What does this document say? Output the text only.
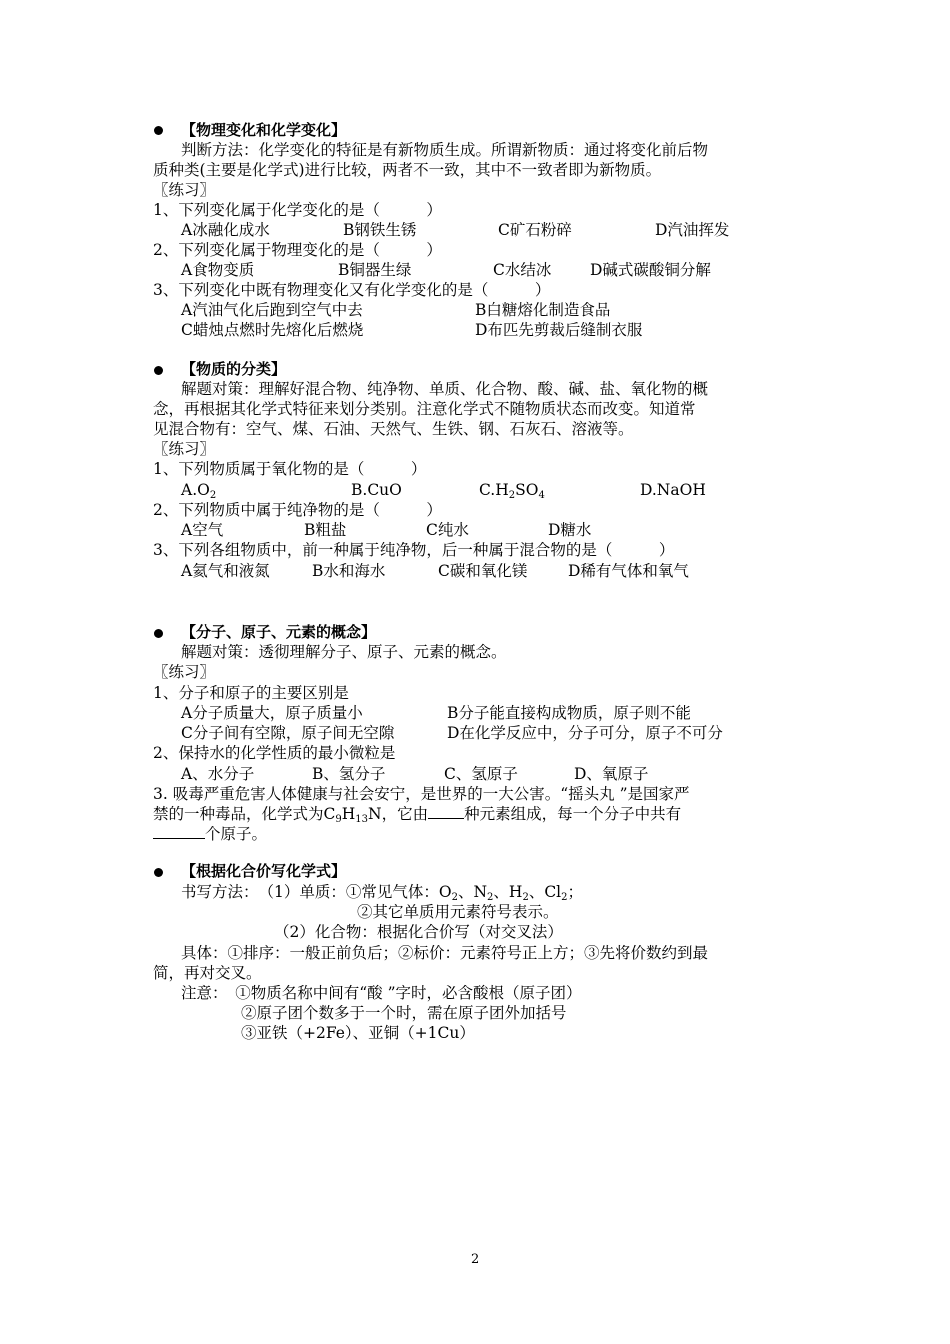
【物理变化和化学变化】
判断方法：化学变化的特征是有新物质生成。所谓新物质：通过将变化前后物
质种类(主要是化学式)进行比较，两者不一致，其中不一致者即为新物质。
〖练习〗
1、下列变化属于化学变化的是（　　　）
A冰融化成水	B钢铁生锈	C矿石粉碎	D汽油挥发
2、下列变化属于物理变化的是（　　　）
A食物变质	B铜器生绿	C水结冰 D碱式碳酸铜分解
3、下列变化中既有物理变化又有化学变化的是（　　　）
A汽油气化后跑到空气中去	B白糖熔化制造食品
C蜡烛点燃时先熔化后燃烧	D布匹先剪裁后缝制衣服
【物质的分类】
解题对策：理解好混合物、纯净物、单质、化合物、酸、碱、盐、氧化物的概
念，再根据其化学式特征来划分类别。注意化学式不随物质状态而改变。知道常
见混合物有：空气、煤、石油、天然气、生铁、钢、石灰石、溶液等。
〖练习〗
1、下列物质属于氧化物的是（　　　）
$A.O_2$	B.CuO	$C.H_2SO_4$	D.NaOH
2、下列物质中属于纯净物的是（　　　）
A空气	B粗盐	C纯水	D糖水
3、下列各组物质中，前一种属于纯净物，后一种属于混合物的是（　　　）
A氦气和液氮	B水和海水	C碳和氧化镁	D稀有气体和氧气
【分子、原子、元素的概念】
解题对策：透彻理解分子、原子、元素的概念。
〖练习〗
1、分子和原子的主要区别是
A分子质量大，原子质量小	B分子能直接构成物质，原子则不能
C分子间有空隙，原子间无空隙	D在化学反应中，分子可分，原子不可分
2、保持水的化学性质的最小微粒是
A、水分子	B、氢分子	C、氢原子	D、氧原子
3. 吸毒严重危害人体健康与社会安宁，是世界的一大公害。“摇头丸 ”是国家严
禁的一种毒品，化学式为$C_9H_{13}N$，它由 种元素组成，每一个分子中共有
个原子。
【根据化合价写化学式】
书写方法：　（1）单质：①常见气体：$O_2$、$N_2$、$H_2$、$Cl_2$；
②其它单质用元素符号表示。
（2）化合物：根据化合价写（对交叉法）
具体：①排序：一般正前负后；②标价：元素符号正上方；③先将价数约到最
简，再对交叉。
注意：　①物质名称中间有“酸 ”字时，必含酸根（原子团）
②原子团个数多于一个时，需在原子团外加括号
③亚铁（+2Fe）、亚铜（+1Cu）
2
